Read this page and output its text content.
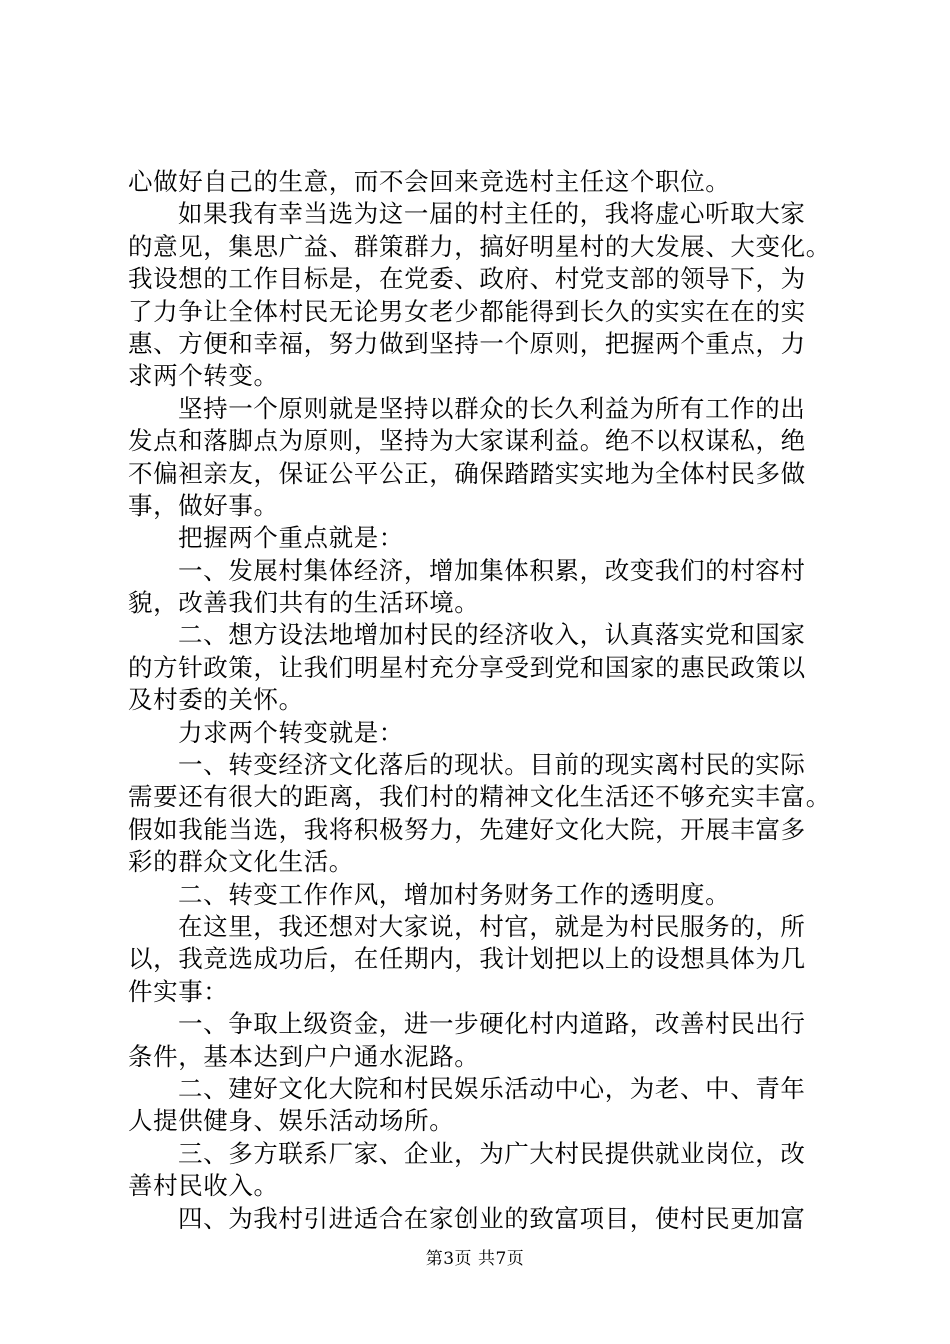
心做好自己的生意，而不会回来竞选村主任这个职位。
如果我有幸当选为这一届的村主任的，我将虚心听取大家
的意见，集思广益、群策群力，搞好明星村的大发展、大变化。
我设想的工作目标是，在党委、政府、村党支部的领导下，为
了力争让全体村民无论男女老少都能得到长久的实实在在的实
惠、方便和幸福，努力做到坚持一个原则，把握两个重点，力
求两个转变。
坚持一个原则就是坚持以群众的长久利益为所有工作的出
发点和落脚点为原则，坚持为大家谋利益。绝不以权谋私，绝
不偏袒亲友，保证公平公正，确保踏踏实实地为全体村民多做
事，做好事。
把握两个重点就是：
一、发展村集体经济，增加集体积累，改变我们的村容村
貌，改善我们共有的生活环境。
二、想方设法地增加村民的经济收入，认真落实党和国家
的方针政策，让我们明星村充分享受到党和国家的惠民政策以
及村委的关怀。
力求两个转变就是：
一、转变经济文化落后的现状。目前的现实离村民的实际
需要还有很大的距离，我们村的精神文化生活还不够充实丰富。
假如我能当选，我将积极努力，先建好文化大院，开展丰富多
彩的群众文化生活。
二、转变工作作风，增加村务财务工作的透明度。
在这里，我还想对大家说，村官，就是为村民服务的，所
以，我竞选成功后，在任期内，我计划把以上的设想具体为几
件实事：
一、争取上级资金，进一步硬化村内道路，改善村民出行
条件，基本达到户户通水泥路。
二、建好文化大院和村民娱乐活动中心，为老、中、青年
人提供健身、娱乐活动场所。
三、多方联系厂家、企业，为广大村民提供就业岗位，改
善村民收入。
四、为我村引进适合在家创业的致富项目，使村民更加富
第3页 共7页
